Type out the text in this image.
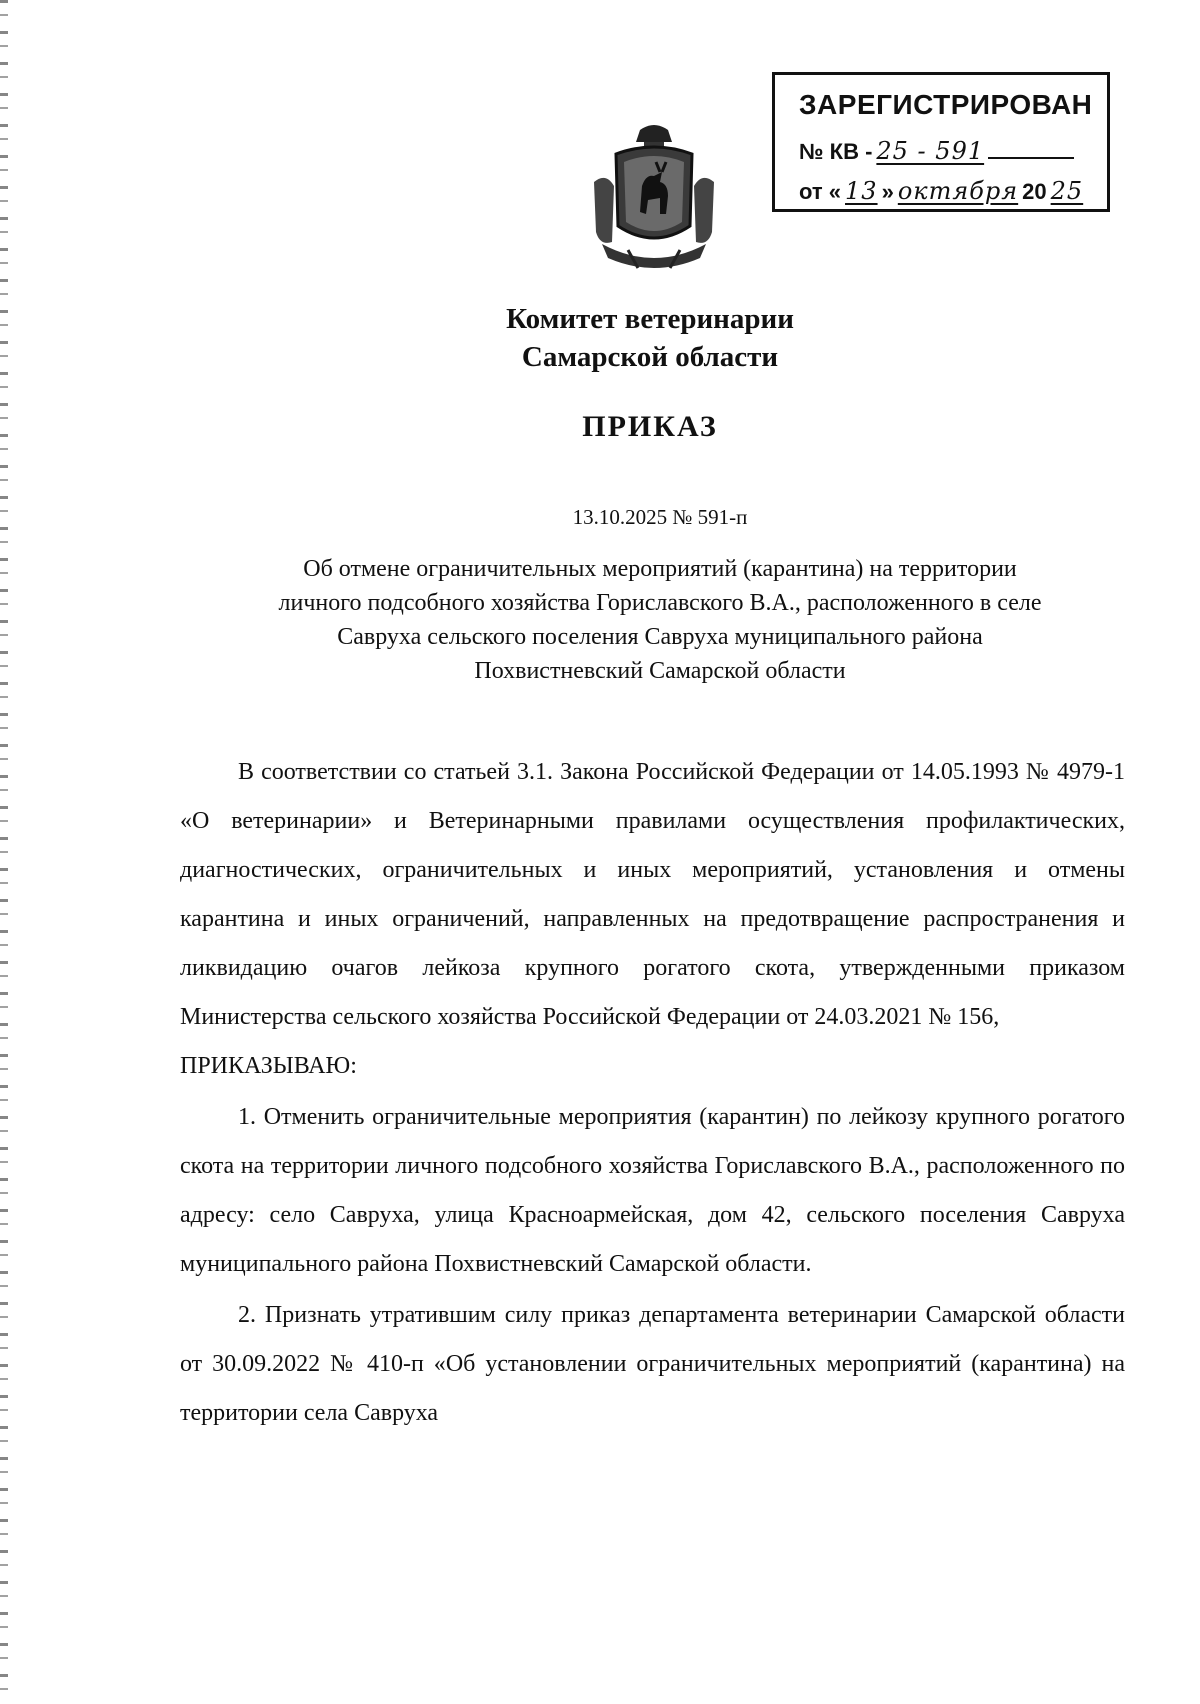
ЗАРЕГИСТРИРОВАН
№ КВ - 25 - 591
от « 13 » октября 20 25
Комитет ветеринарии
Самарской области
ПРИКАЗ
13.10.2025 № 591-п
Об отмене ограничительных мероприятий (карантина) на территории
личного подсобного хозяйства Гориславского В.А., расположенного в селе
Савруха сельского поселения Савруха муниципального района
Похвистневский Самарской области

В соответствии со статьей 3.1. Закона Российской Федерации от 14.05.1993 № 4979-1 «О ветеринарии» и Ветеринарными правилами осуществления профилактических, диагностических, ограничительных и иных мероприятий, установления и отмены карантина и иных ограничений, направленных на предотвращение распространения и ликвидацию очагов лейкоза крупного рогатого скота, утвержденными приказом Министерства сельского хозяйства Российской Федерации от 24.03.2021 № 156,

ПРИКАЗЫВАЮ:

1. Отменить ограничительные мероприятия (карантин) по лейкозу крупного рогатого скота на территории личного подсобного хозяйства Гориславского В.А., расположенного по адресу: село Савруха, улица Красноармейская, дом 42, сельского поселения Савруха муниципального района Похвистневский Самарской области.

2. Признать утратившим силу приказ департамента ветеринарии Самарской области от 30.09.2022 № 410-п «Об установлении ограничительных мероприятий (карантина) на территории села Савруха
